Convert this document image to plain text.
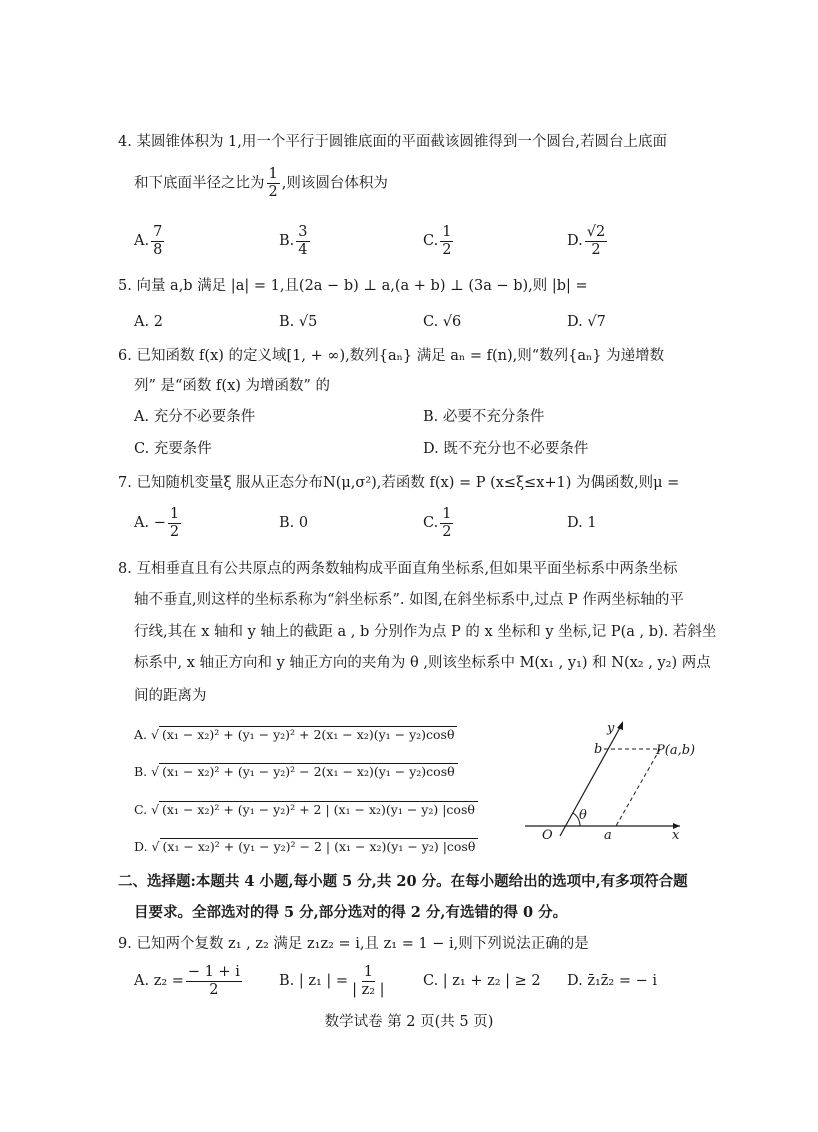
4. 某圆锥体积为 1,用一个平行于圆锥底面的平面截该圆锥得到一个圆台,若圆台上底面
和下底面半径之比为 $\frac{1}{2}$ ,则该圆台体积为
A. $\frac{7}{8}$	B. $\frac{3}{4}$	C. $\frac{1}{2}$	D. $\frac{√2}{2}$
5. 向量 a,b 满足 |a| = 1,且(2a − b) ⊥ a,(a + b) ⊥ (3a − b),则 |b| =
A. 2	B. √5	C. √6	D. √7
6. 已知函数 f(x) 的定义域[1, + ∞),数列{aₙ} 满足 aₙ = f(n),则“数列{aₙ} 为递增数
列” 是“函数 f(x) 为增函数” 的
A. 充分不必要条件	B. 必要不充分条件
C. 充要条件	D. 既不充分也不必要条件
7. 已知随机变量ξ 服从正态分布N(μ,σ²),若函数 f(x) = P (x≤ξ≤x+1) 为偶函数,则μ =
A. − $\frac{1}{2}$	B. 0	C. $\frac{1}{2}$	D. 1
8. 互相垂直且有公共原点的两条数轴构成平面直角坐标系,但如果平面坐标系中两条坐标
轴不垂直,则这样的坐标系称为“斜坐标系”. 如图,在斜坐标系中,过点 P 作两坐标轴的平
行线,其在 x 轴和 y 轴上的截距 a , b 分别作为点 P 的 x 坐标和 y 坐标,记 P(a , b). 若斜坐
标系中, x 轴正方向和 y 轴正方向的夹角为 θ ,则该坐标系中 M(x₁ , y₁) 和 N(x₂ , y₂) 两点
间的距离为
A. √ (x₁ − x₂)² + (y₁ − y₂)² + 2(x₁ − x₂)(y₁ − y₂)cosθ
B. √ (x₁ − x₂)² + (y₁ − y₂)² − 2(x₁ − x₂)(y₁ − y₂)cosθ
C. √ (x₁ − x₂)² + (y₁ − y₂)² + 2 | (x₁ − x₂)(y₁ − y₂) |cosθ
D. √ (x₁ − x₂)² + (y₁ − y₂)² − 2 | (x₁ − x₂)(y₁ − y₂) |cosθ
y
b	P(a,b)
θ
O	a	x
二、选择题:本题共 4 小题,每小题 5 分,共 20 分。在每小题给出的选项中,有多项符合题
目要求。全部选对的得 5 分,部分选对的得 2 分,有选错的得 0 分。
9. 已知两个复数 z₁ , z₂ 满足 z₁z₂ = i,且 z₁ = 1 − i,则下列说法正确的是
A. $z_2 = \frac{- 1 + i}{2}$	B. | z₁ | = $\frac{1}{\text{| z₂ |}}$	C. | z₁ + z₂ | ≥ 2 D. z̄₁z̄₂ = − i
数学试卷 第 2 页(共 5 页)
